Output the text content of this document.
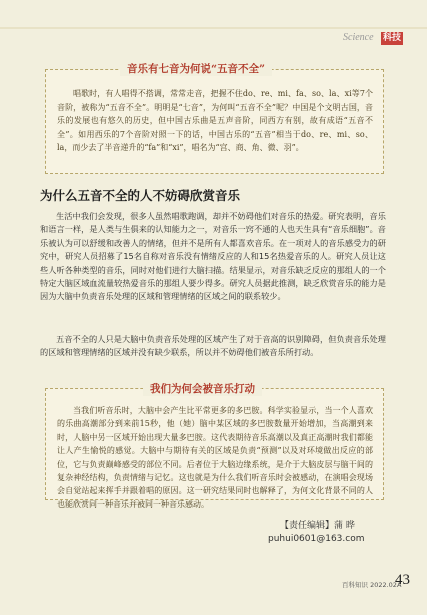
Science 科技
音乐有七音为何说“五音不全”

唱歌时，有人唱得不搭调，常常走音，把握不住do、re、mi、fa、so、la、xi等7个音阶，被称为“五音不全”。明明是“七音”，为何叫“五音不全”呢？中国是个文明古国，音乐的发展也有悠久的历史，但中国古乐曲是五声音阶，同西方有别，故有成语“五音不全”。如用西乐的7个音阶对照一下的话，中国古乐的“五音”相当于do、re、mi、so、la，而少去了半音递升的“fa”和“xi”，唱名为“宫、商、角、微、羽”。

为什么五音不全的人不妨碍欣赏音乐

生活中我们会发现，很多人虽然唱歌跑调，却并不妨碍他们对音乐的热爱。研究表明，音乐和语言一样，是人类与生俱来的认知能力之一，对音乐一窍不通的人也天生具有“音乐细胞”。音乐被认为可以舒缓和改善人的情绪，但并不是所有人都喜欢音乐。在一项对人的音乐感受力的研究中，研究人员招募了15名自称对音乐没有情绪反应的人和15名热爱音乐的人。研究人员让这些人听各种类型的音乐，同时对他们进行大脑扫描。结果显示，对音乐缺乏反应的那组人的一个特定大脑区域血流量较热爱音乐的那组人要少得多。研究人员据此推测，缺乏欣赏音乐的能力是因为大脑中负责音乐处理的区域和管理情绪的区域之间的联系较少。

五音不全的人只是大脑中负责音乐处理的区域产生了对于音高的识别障碍，但负责音乐处理的区域和管理情绪的区域并没有缺少联系，所以并不妨碍他们被音乐所打动。

我们为何会被音乐打动

当我们听音乐时，大脑中会产生比平常更多的多巴胺。科学实验显示，当一个人喜欢的乐曲高潮部分到来前15秒，他（她）脑中某区域的多巴胺数量开始增加，当高潮到来时，人脑中另一区域开始出现大量多巴胺。这代表期待音乐高潮以及真正高潮时我们都能让人产生愉悦的感觉。大脑中与期待有关的区域是负责“预测”以及对环境做出反应的部位，它与负责巅峰感受的部位不同。后者位于大脑边缘系统，是介于大脑皮层与脑干间的复杂神经结构，负责情绪与记忆。这也就是为什么我们听音乐时会被感动，在演唱会现场会自觉站起来挥手并跟着唱的原因。这一研究结果同时也解释了，为何文化背景不同的人也能欣赏同一种音乐并被同一种音乐感动。

【责任编辑】蒲 晔
puhui0601@163.com
百科知识 2022.02A
43
